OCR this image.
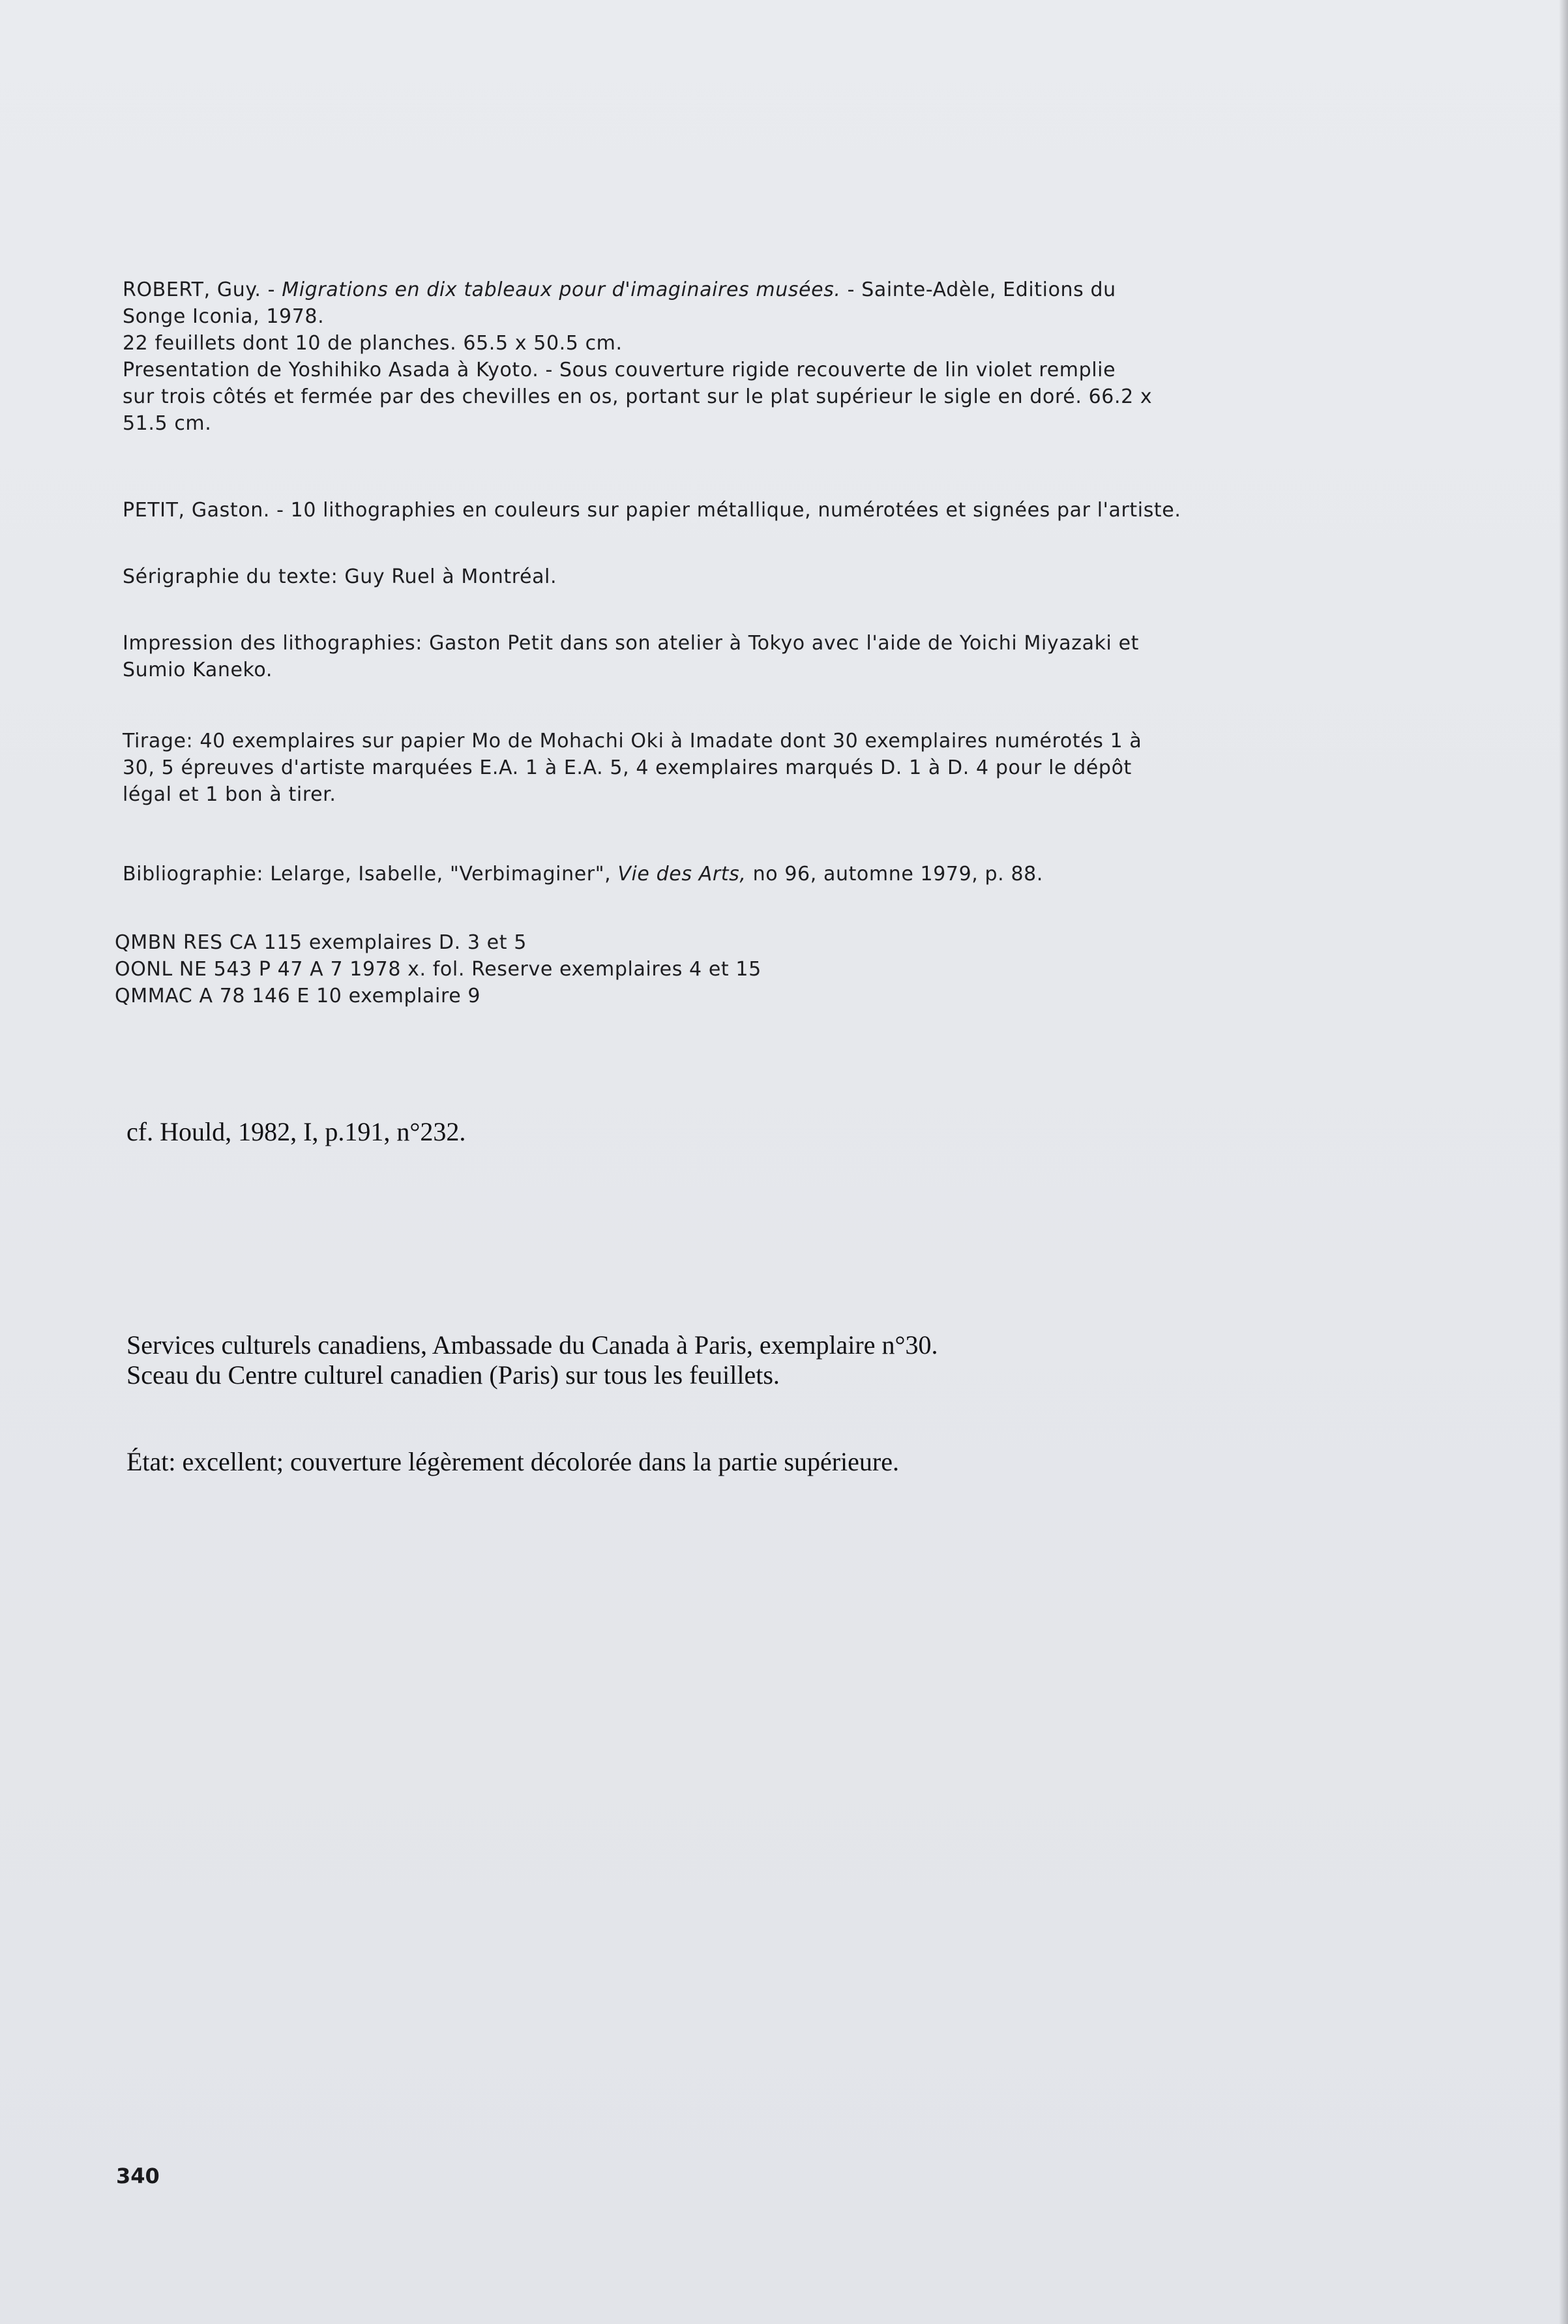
ROBERT, Guy. - Migrations en dix tableaux pour d'imaginaires musées. - Sainte-Adèle, Editions du
Songe Iconia, 1978.
22 feuillets dont 10 de planches. 65.5 x 50.5 cm.
Presentation de Yoshihiko Asada à Kyoto. - Sous couverture rigide recouverte de lin violet remplie
sur trois côtés et fermée par des chevilles en os, portant sur le plat supérieur le sigle en doré. 66.2 x
51.5 cm.
PETIT, Gaston. - 10 lithographies en couleurs sur papier métallique, numérotées et signées par l'artiste.
Sérigraphie du texte: Guy Ruel à Montréal.
Impression des lithographies: Gaston Petit dans son atelier à Tokyo avec l'aide de Yoichi Miyazaki et
Sumio Kaneko.
Tirage: 40 exemplaires sur papier Mo de Mohachi Oki à Imadate dont 30 exemplaires numérotés 1 à
30, 5 épreuves d'artiste marquées E.A. 1 à E.A. 5, 4 exemplaires marqués D. 1 à D. 4 pour le dépôt
légal et 1 bon à tirer.
Bibliographie: Lelarge, Isabelle, "Verbimaginer", Vie des Arts, no 96, automne 1979, p. 88.
QMBN RES CA 115 exemplaires D. 3 et 5
OONL NE 543 P 47 A 7 1978 x. fol. Reserve exemplaires 4 et 15
QMMAC A 78 146 E 10 exemplaire 9
cf. Hould, 1982, I, p.191, n°232.
Services culturels canadiens, Ambassade du Canada à Paris, exemplaire n°30.
Sceau du Centre culturel canadien (Paris) sur tous les feuillets.
État: excellent; couverture légèrement décolorée dans la partie supérieure.
340
